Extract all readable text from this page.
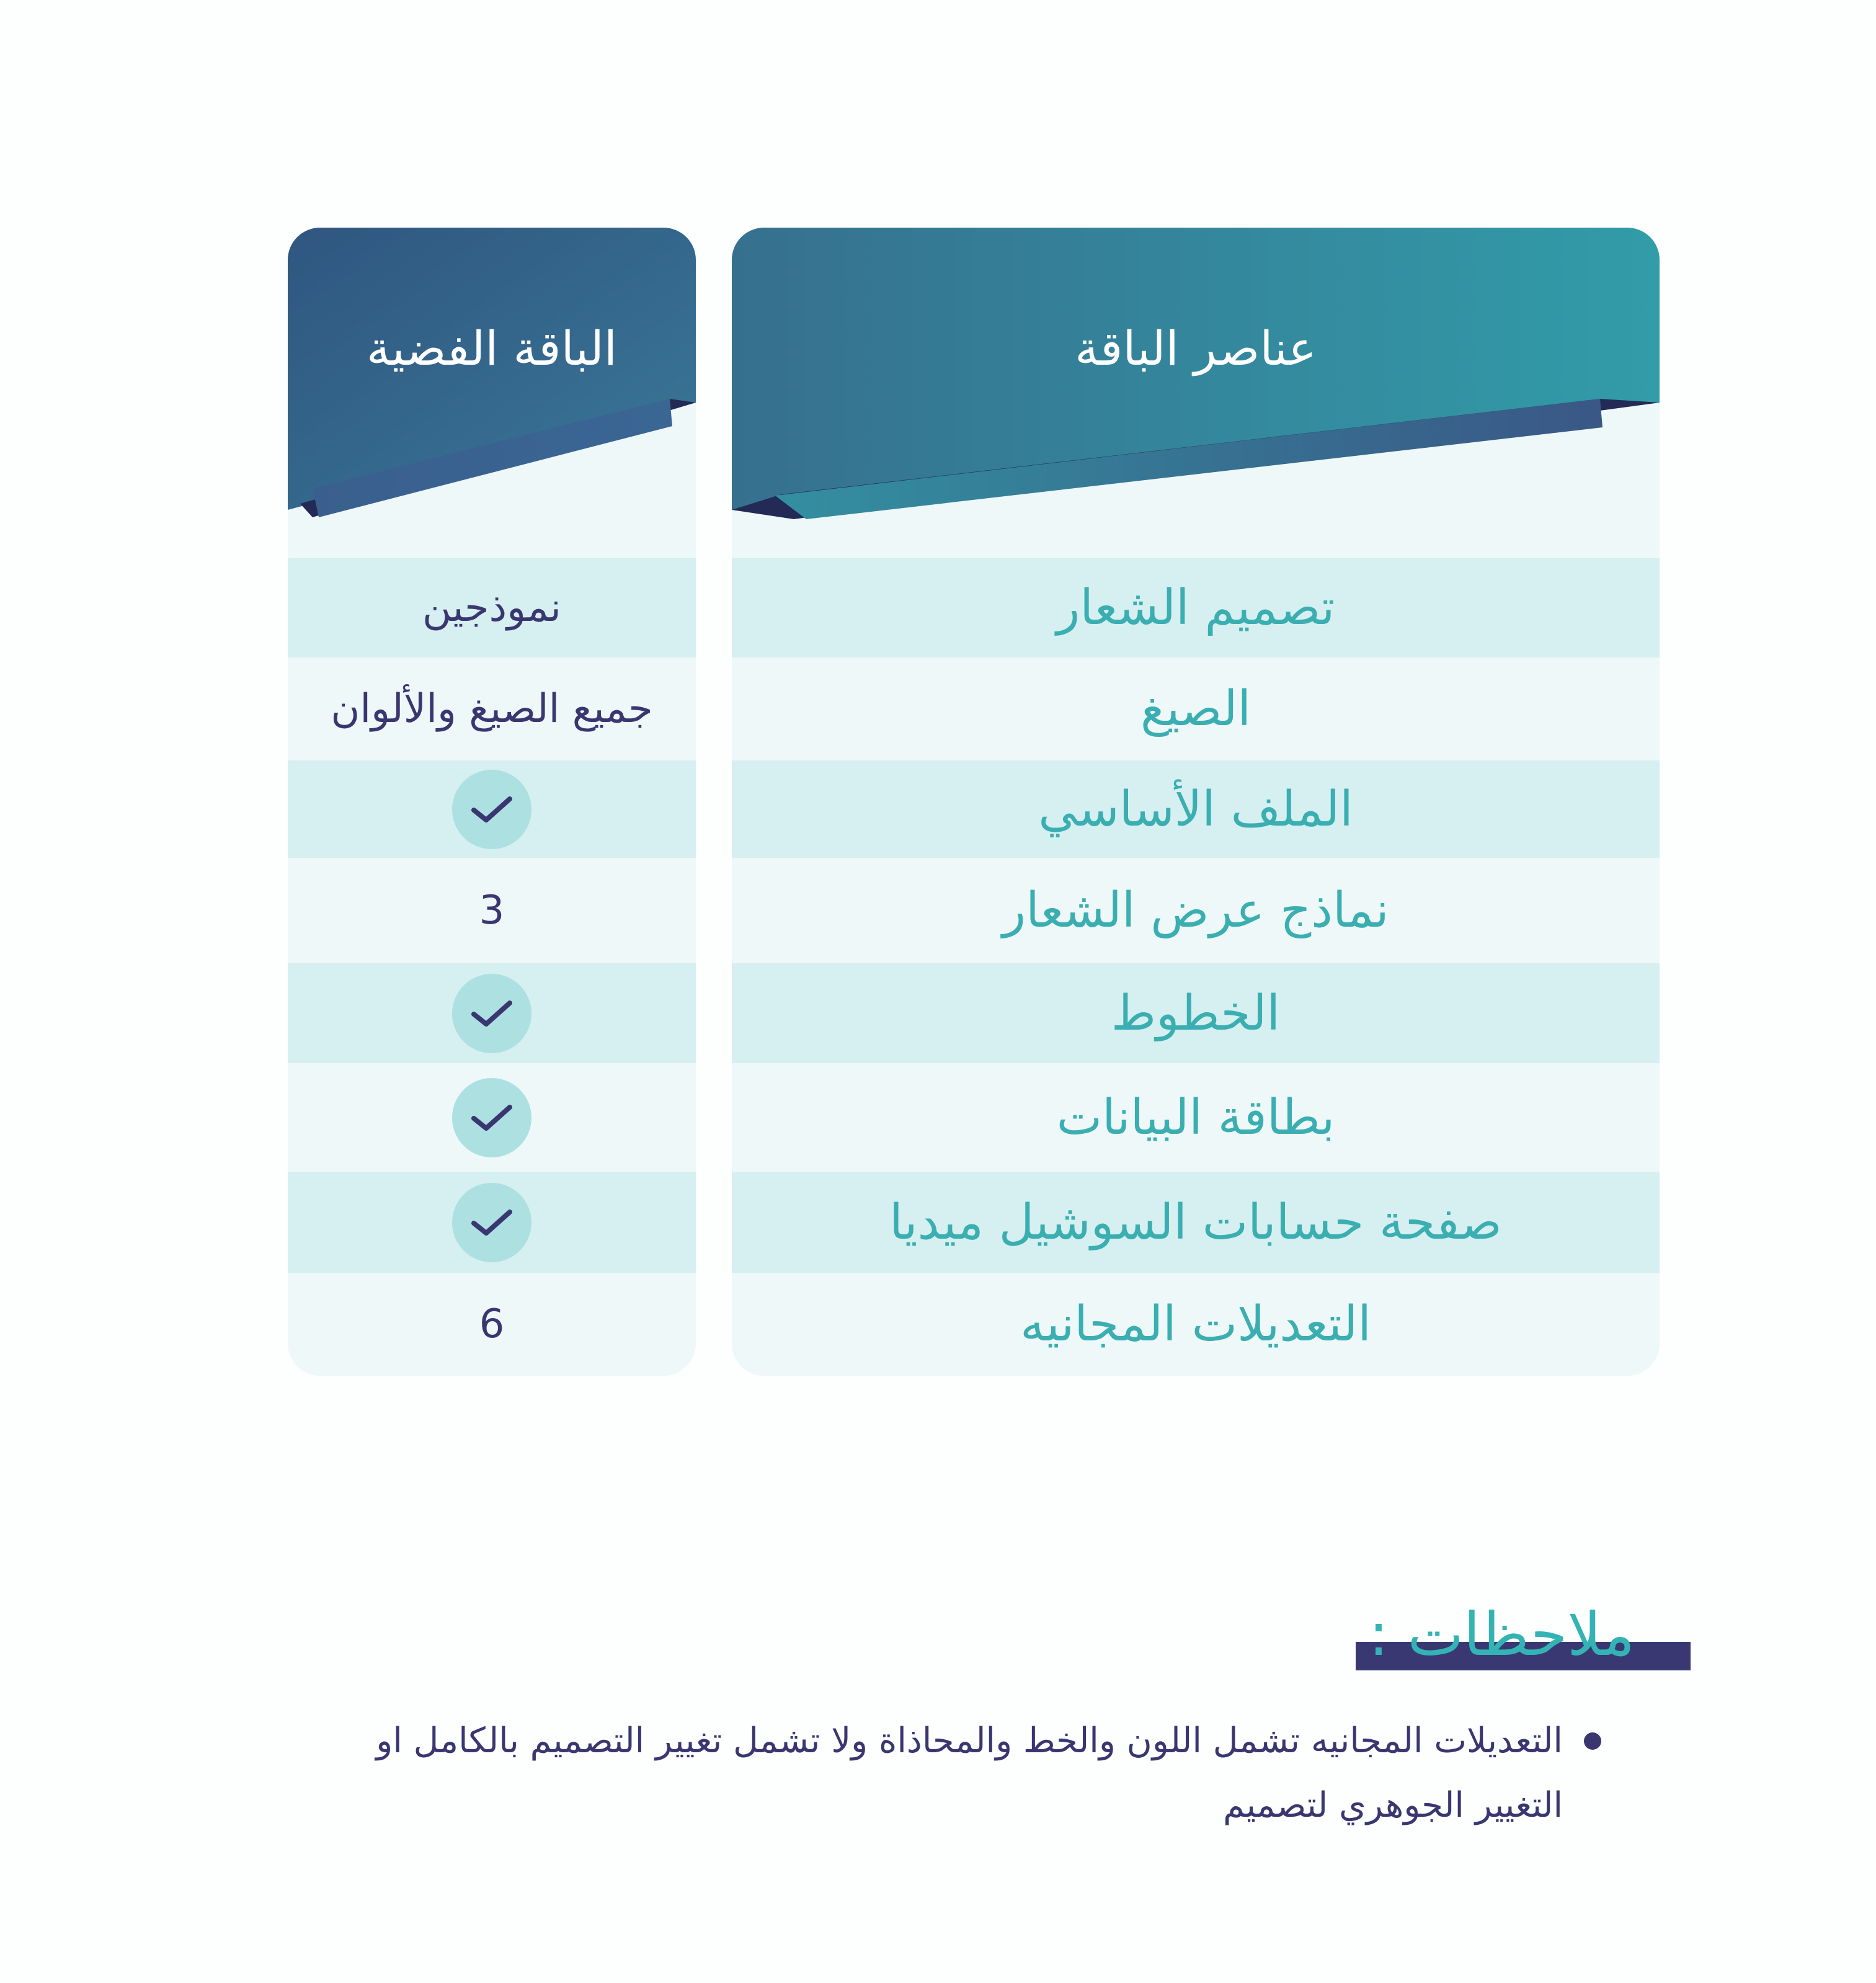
الباقة الفضية
نموذجين
جميع الصيغ والألوان
3
6
عناصر الباقة
تصميم الشعار
الصيغ
الملف الأساسي
نماذج عرض الشعار
الخطوط
بطاقة البيانات
صفحة حسابات السوشيل ميديا
التعديلات المجانيه
ملاحظات :
التعديلات المجانيه تشمل اللون والخط والمحاذاة ولا تشمل تغيير التصميم بالكامل او التغيير الجوهري لتصميم
